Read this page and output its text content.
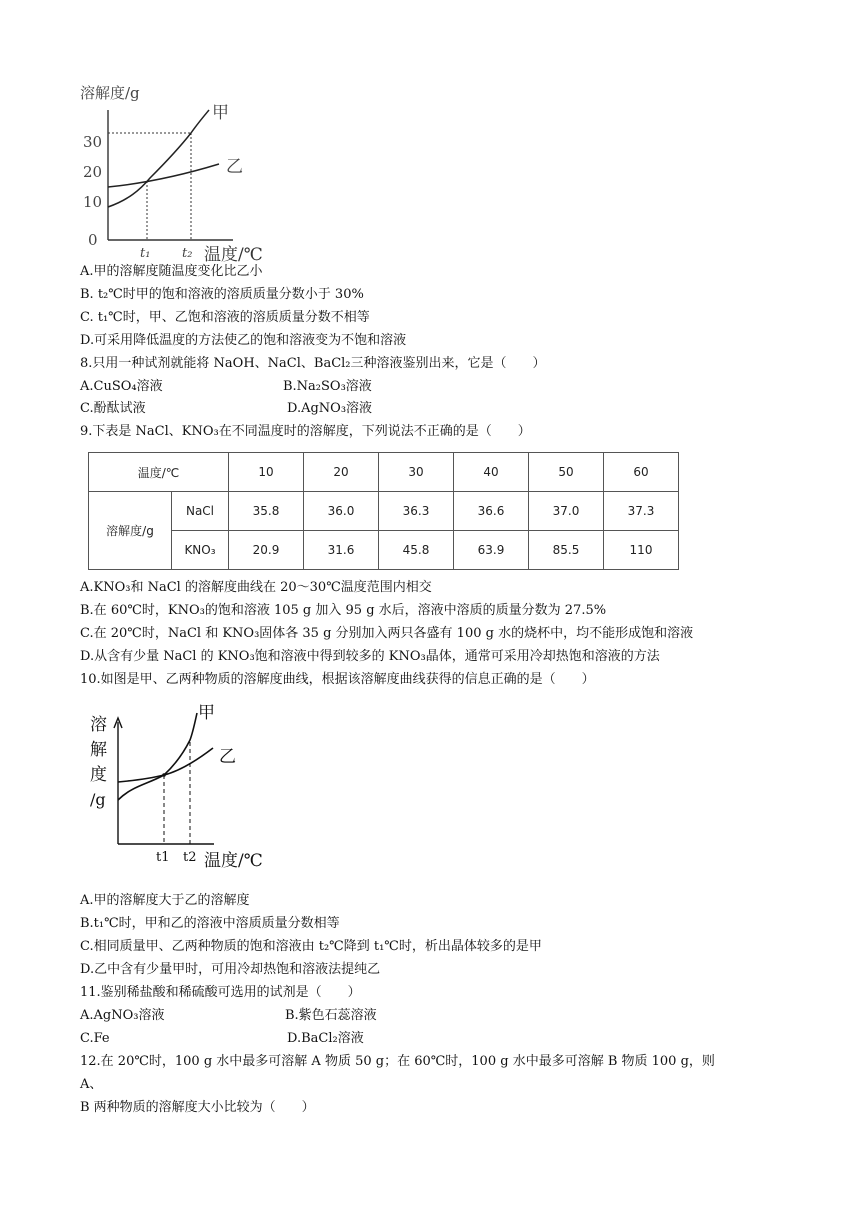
溶解度/g
30
20
10
0
甲
乙
t₁ t₂ 温度/℃
A.甲的溶解度随温度变化比乙小
B. t₂℃时甲的饱和溶液的溶质质量分数小于 30%
C. t₁℃时，甲、乙饱和溶液的溶质质量分数不相等
D.可采用降低温度的方法使乙的饱和溶液变为不饱和溶液
8.只用一种试剂就能将 NaOH、NaCl、BaCl₂三种溶液鉴别出来，它是（　　）
A.CuSO₄溶液	B.Na₂SO₃溶液
C.酚酞试液	D.AgNO₃溶液
9.下表是 NaCl、KNO₃在不同温度时的溶解度，下列说法不正确的是（　　）
温度/℃		10	20	30	40	50	60
溶解度/g	NaCl	35.8	36.0	36.3	36.6	37.0	37.3
	KNO₃	20.9	31.6	45.8	63.9	85.5	110
A.KNO₃和 NaCl 的溶解度曲线在 20～30℃温度范围内相交
B.在 60℃时，KNO₃的饱和溶液 105 g 加入 95 g 水后，溶液中溶质的质量分数为 27.5%
C.在 20℃时，NaCl 和 KNO₃固体各 35 g 分别加入两只各盛有 100 g 水的烧杯中，均不能形成饱和溶液
D.从含有少量 NaCl 的 KNO₃饱和溶液中得到较多的 KNO₃晶体，通常可采用冷却热饱和溶液的方法
10.如图是甲、乙两种物质的溶解度曲线，根据该溶解度曲线获得的信息正确的是（　　）
溶
解
度
/g
甲
乙
t1 t2 温度/℃
A.甲的溶解度大于乙的溶解度
B.t₁℃时，甲和乙的溶液中溶质质量分数相等
C.相同质量甲、乙两种物质的饱和溶液由 t₂℃降到 t₁℃时，析出晶体较多的是甲
D.乙中含有少量甲时，可用冷却热饱和溶液法提纯乙
11.鉴别稀盐酸和稀硫酸可选用的试剂是（　　）
A.AgNO₃溶液	B.紫色石蕊溶液
C.Fe	D.BaCl₂溶液
12.在 20℃时，100 g 水中最多可溶解 A 物质 50 g；在 60℃时，100 g 水中最多可溶解 B 物质 100 g，则
A、
B 两种物质的溶解度大小比较为（　　）
